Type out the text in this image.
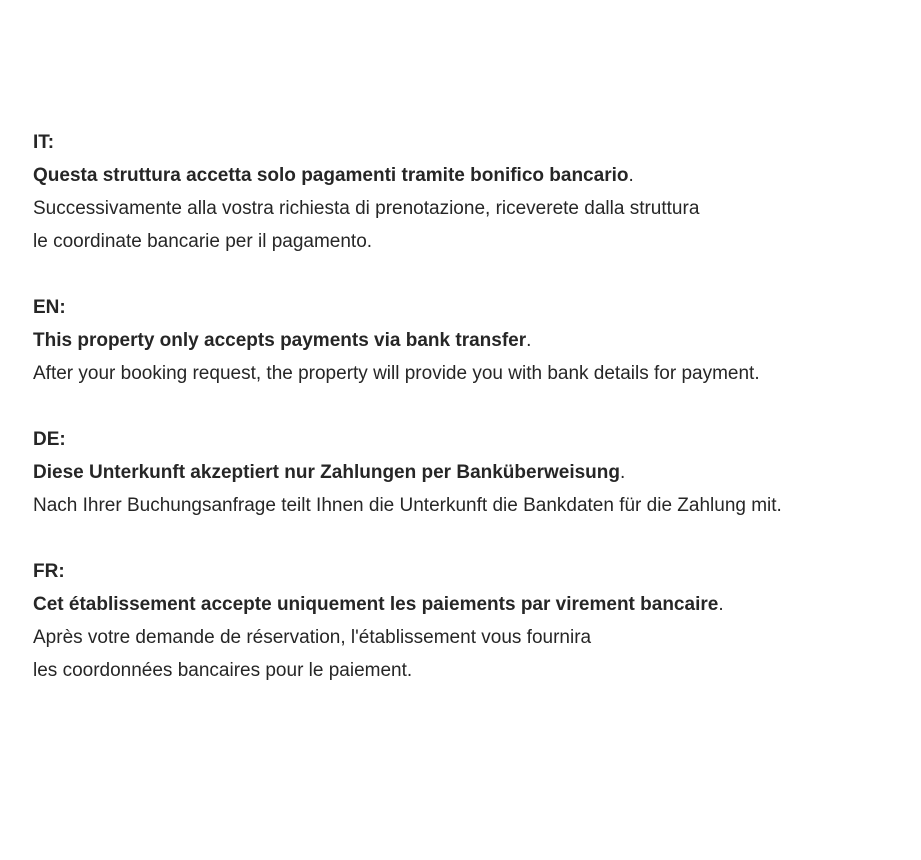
IT:
Questa struttura accetta solo pagamenti tramite bonifico bancario.
Successivamente alla vostra richiesta di prenotazione, riceverete dalla struttura
le coordinate bancarie per il pagamento.
EN:
This property only accepts payments via bank transfer.
After your booking request, the property will provide you with bank details for payment.
DE:
Diese Unterkunft akzeptiert nur Zahlungen per Banküberweisung.
Nach Ihrer Buchungsanfrage teilt Ihnen die Unterkunft die Bankdaten für die Zahlung mit.
FR:
Cet établissement accepte uniquement les paiements par virement bancaire.
Après votre demande de réservation, l'établissement vous fournira
les coordonnées bancaires pour le paiement.
